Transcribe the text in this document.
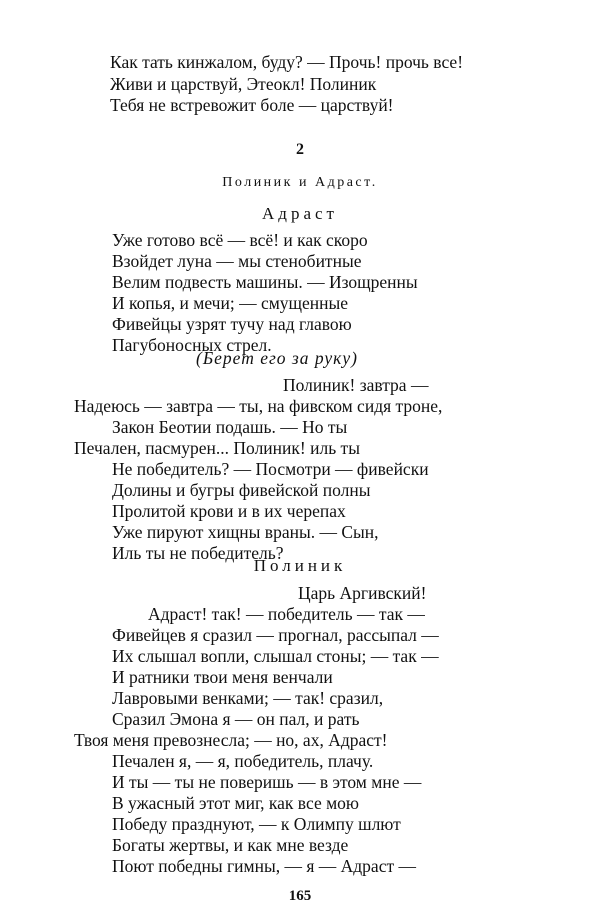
Как тать кинжалом, буду? — Прочь! прочь все!
Живи и царствуй, Этеокл! Полиник
Тебя не встревожит боле — царствуй!
2
Полиник и Адраст.
Адраст
Уже готово всё — всё! и как скоро
Взойдет луна — мы стенобитные
Велим подвесть машины. — Изощренны
И копья, и мечи; — смущенные
Фивейцы узрят тучу над главою
Пагубоносных стрел.
(Берет его за руку)
Полиник! завтра —
Надеюсь — завтра — ты, на фивском сидя троне,
Закон Беотии подашь. — Но ты
Печален, пасмурен... Полиник! иль ты
Не победитель? — Посмотри — фивейски
Долины и бугры фивейской полны
Пролитой крови и в их черепах
Уже пируют хищны враны. — Сын,
Иль ты не победитель?
Полиник
Царь Аргивский!
Адраст! так! — победитель — так —
Фивейцев я сразил — прогнал, рассыпал —
Их слышал вопли, слышал стоны; — так —
И ратники твои меня венчали
Лавровыми венками; — так! сразил,
Сразил Эмона я — он пал, и рать
Твоя меня превознесла; — но, ах, Адраст!
Печален я, — я, победитель, плачу.
И ты — ты не поверишь — в этом мне —
В ужасный этот миг, как все мою
Победу празднуют, — к Олимпу шлют
Богаты жертвы, и как мне везде
Поют победны гимны, — я — Адраст —
165
